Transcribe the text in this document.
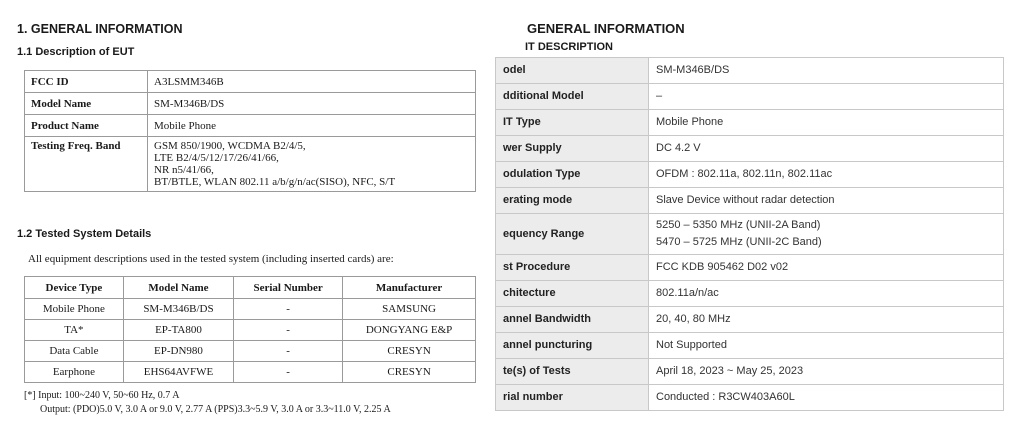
1. GENERAL INFORMATION
1.1 Description of EUT
FCC ID	A3LSMM346B

Model Name	SM-M346B/DS

Product Name	Mobile Phone

Testing Freq. Band	GSM 850/1900, WCDMA B2/4/5,
LTE B2/4/5/12/17/26/41/66,
NR n5/41/66,
BT/BTLE, WLAN 802.11 a/b/g/n/ac(SISO), NFC, S/T
1.2 Tested System Details
All equipment descriptions used in the tested system (including inserted cards) are:
Device Type	Model Name	Serial Number	Manufacturer
Mobile Phone	SM-M346B/DS	-	SAMSUNG
TA*	EP-TA800	-	DONGYANG E&P
Data Cable	EP-DN980	-	CRESYN
Earphone	EHS64AVFWE	-	CRESYN
[*] Input: 100~240 V, 50~60 Hz, 0.7 A
Output: (PDO)5.0 V, 3.0 A or 9.0 V, 2.77 A (PPS)3.3~5.9 V, 3.0 A or 3.3~11.0 V, 2.25 A
GENERAL INFORMATION
IT DESCRIPTION
odel	SM-M346B/DS

dditional Model	–

IT Type	Mobile Phone

wer Supply	DC 4.2 V

odulation Type	OFDM : 802.11a, 802.11n, 802.11ac

erating mode	Slave Device without radar detection

equency Range	5250 – 5350 MHz (UNII-2A Band)
5470 – 5725 MHz (UNII-2C Band)

st Procedure	FCC KDB 905462 D02 v02

chitecture	802.11a/n/ac

annel Bandwidth	20, 40, 80 MHz

annel puncturing	Not Supported

te(s) of Tests	April 18, 2023 ~ May 25, 2023

rial number	Conducted : R3CW403A60L
